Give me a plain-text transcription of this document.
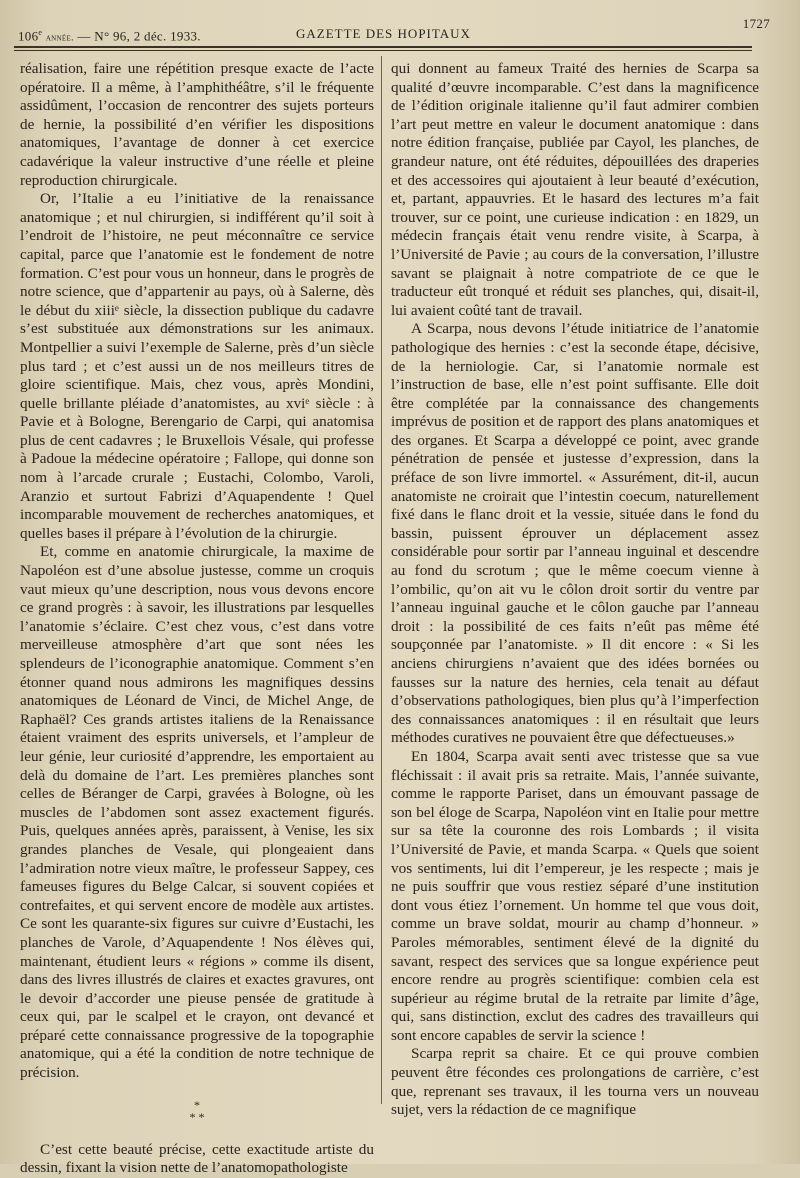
106e année. — N° 96, 2 déc. 1933.	GAZETTE DES HOPITAUX
1727

réalisation, faire une répétition presque exacte de l’acte opératoire. Il a même, à l’amphithéâtre, s’il le fréquente assidûment, l’occasion de rencontrer des sujets porteurs de hernie, la possibilité d’en vérifier les dispositions anatomiques, l’avantage de donner à cet exercice cadavérique la valeur instructive d’une réelle et pleine reproduction chirurgicale.

Or, l’Italie a eu l’initiative de la renaissance anatomique ; et nul chirurgien, si indifférent qu’il soit à l’endroit de l’histoire, ne peut méconnaître ce service capital, parce que l’anatomie est le fondement de notre formation. C’est pour vous un honneur, dans le progrès de notre science, que d’appartenir au pays, où à Salerne, dès le début du xiiiᵉ siècle, la dissection publique du cadavre s’est substituée aux démonstrations sur les animaux. Montpellier a suivi l’exemple de Salerne, près d’un siècle plus tard ; et c’est aussi un de nos meilleurs titres de gloire scientifique. Mais, chez vous, après Mondini, quelle brillante pléiade d’anatomistes, au xviᵉ siècle : à Pavie et à Bologne, Berengario de Carpi, qui anatomisa plus de cent cadavres ; le Bruxellois Vésale, qui professe à Padoue la médecine opératoire ; Fallope, qui donne son nom à l’arcade crurale ; Eustachi, Colombo, Varoli, Aranzio et surtout Fabrizi d’Aquapendente ! Quel incomparable mouvement de recherches anatomiques, et quelles bases il prépare à l’évolution de la chirurgie.

Et, comme en anatomie chirurgicale, la maxime de Napoléon est d’une absolue justesse, comme un croquis vaut mieux qu’une description, nous vous devons encore ce grand progrès : à savoir, les illustrations par lesquelles l’anatomie s’éclaire. C’est chez vous, c’est dans votre merveilleuse atmosphère d’art que sont nées les splendeurs de l’iconographie anatomique. Comment s’en étonner quand nous admirons les magnifiques dessins anatomiques de Léonard de Vinci, de Michel Ange, de Raphaël? Ces grands artistes italiens de la Renaissance étaient vraiment des esprits universels, et l’ampleur de leur génie, leur curiosité d’apprendre, les emportaient au delà du domaine de l’art. Les premières planches sont celles de Béranger de Carpi, gravées à Bologne, où les muscles de l’abdomen sont assez exactement figurés. Puis, quelques années après, paraissent, à Venise, les six grandes planches de Vesale, qui plongeaient dans l’admiration notre vieux maître, le professeur Sappey, ces fameuses figures du Belge Calcar, si souvent copiées et contrefaites, et qui servent encore de modèle aux artistes. Ce sont les quarante-six figures sur cuivre d’Eustachi, les planches de Varole, d’Aquapendente ! Nos élèves qui, maintenant, étudient leurs « régions » comme ils disent, dans des livres illustrés de claires et exactes gravures, ont le devoir d’accorder une pieuse pensée de gratitude à ceux qui, par le scalpel et le crayon, ont devancé et préparé cette connaissance progressive de la topographie anatomique, qui a été la condition de notre technique de précision.

*
* *

C’est cette beauté précise, cette exactitude artiste du dessin, fixant la vision nette de l’anatomopathologiste

qui donnent au fameux Traité des hernies de Scarpa sa qualité d’œuvre incomparable. C’est dans la magnificence de l’édition originale italienne qu’il faut admirer combien l’art peut mettre en valeur le document anatomique : dans notre édition française, publiée par Cayol, les planches, de grandeur nature, ont été réduites, dépouillées des draperies et des accessoires qui ajoutaient à leur beauté d’exécution, et, partant, appauvries. Et le hasard des lectures m’a fait trouver, sur ce point, une curieuse indication : en 1829, un médecin français était venu rendre visite, à Scarpa, à l’Université de Pavie ; au cours de la conversation, l’illustre savant se plaignait à notre compatriote de ce que le traducteur eût tronqué et réduit ses planches, qui, disait-il, lui avaient coûté tant de travail.

A Scarpa, nous devons l’étude initiatrice de l’anatomie pathologique des hernies : c’est la seconde étape, décisive, de la herniologie. Car, si l’anatomie normale est l’instruction de base, elle n’est point suffisante. Elle doit être complétée par la connaissance des changements imprévus de position et de rapport des plans anatomiques et des organes. Et Scarpa a développé ce point, avec grande pénétration de pensée et justesse d’expression, dans la préface de son livre immortel. « Assurément, dit-il, aucun anatomiste ne croirait que l’intestin coecum, naturellement fixé dans le flanc droit et la vessie, située dans le fond du bassin, puissent éprouver un déplacement assez considérable pour sortir par l’anneau inguinal et descendre au fond du scrotum ; que le même coecum vienne à l’ombilic, qu’on ait vu le côlon droit sortir du ventre par l’anneau inguinal gauche et le côlon gauche par l’anneau droit : la possibilité de ces faits n’eût pas même été soupçonnée par l’anatomiste. » Il dit encore : « Si les anciens chirurgiens n’avaient que des idées bornées ou fausses sur la nature des hernies, cela tenait au défaut d’observations pathologiques, bien plus qu’à l’imperfection des connaissances anatomiques : il en résultait que leurs méthodes curatives ne pouvaient être que défectueuses.»

En 1804, Scarpa avait senti avec tristesse que sa vue fléchissait : il avait pris sa retraite. Mais, l’année suivante, comme le rapporte Pariset, dans un émouvant passage de son bel éloge de Scarpa, Napoléon vint en Italie pour mettre sur sa tête la couronne des rois Lombards ; il visita l’Université de Pavie, et manda Scarpa. « Quels que soient vos sentiments, lui dit l’empereur, je les respecte ; mais je ne puis souffrir que vous restiez séparé d’une institution dont vous étiez l’ornement. Un homme tel que vous doit, comme un brave soldat, mourir au champ d’honneur. » Paroles mémorables, sentiment élevé de la dignité du savant, respect des services que sa longue expérience peut encore rendre au progrès scientifique: combien cela est supérieur au régime brutal de la retraite par limite d’âge, qui, sans distinction, exclut des cadres des travailleurs qui sont encore capables de servir la science !

Scarpa reprit sa chaire. Et ce qui prouve combien peuvent être fécondes ces prolongations de carrière, c’est que, reprenant ses travaux, il les tourna vers un nouveau sujet, vers la rédaction de ce magnifique
